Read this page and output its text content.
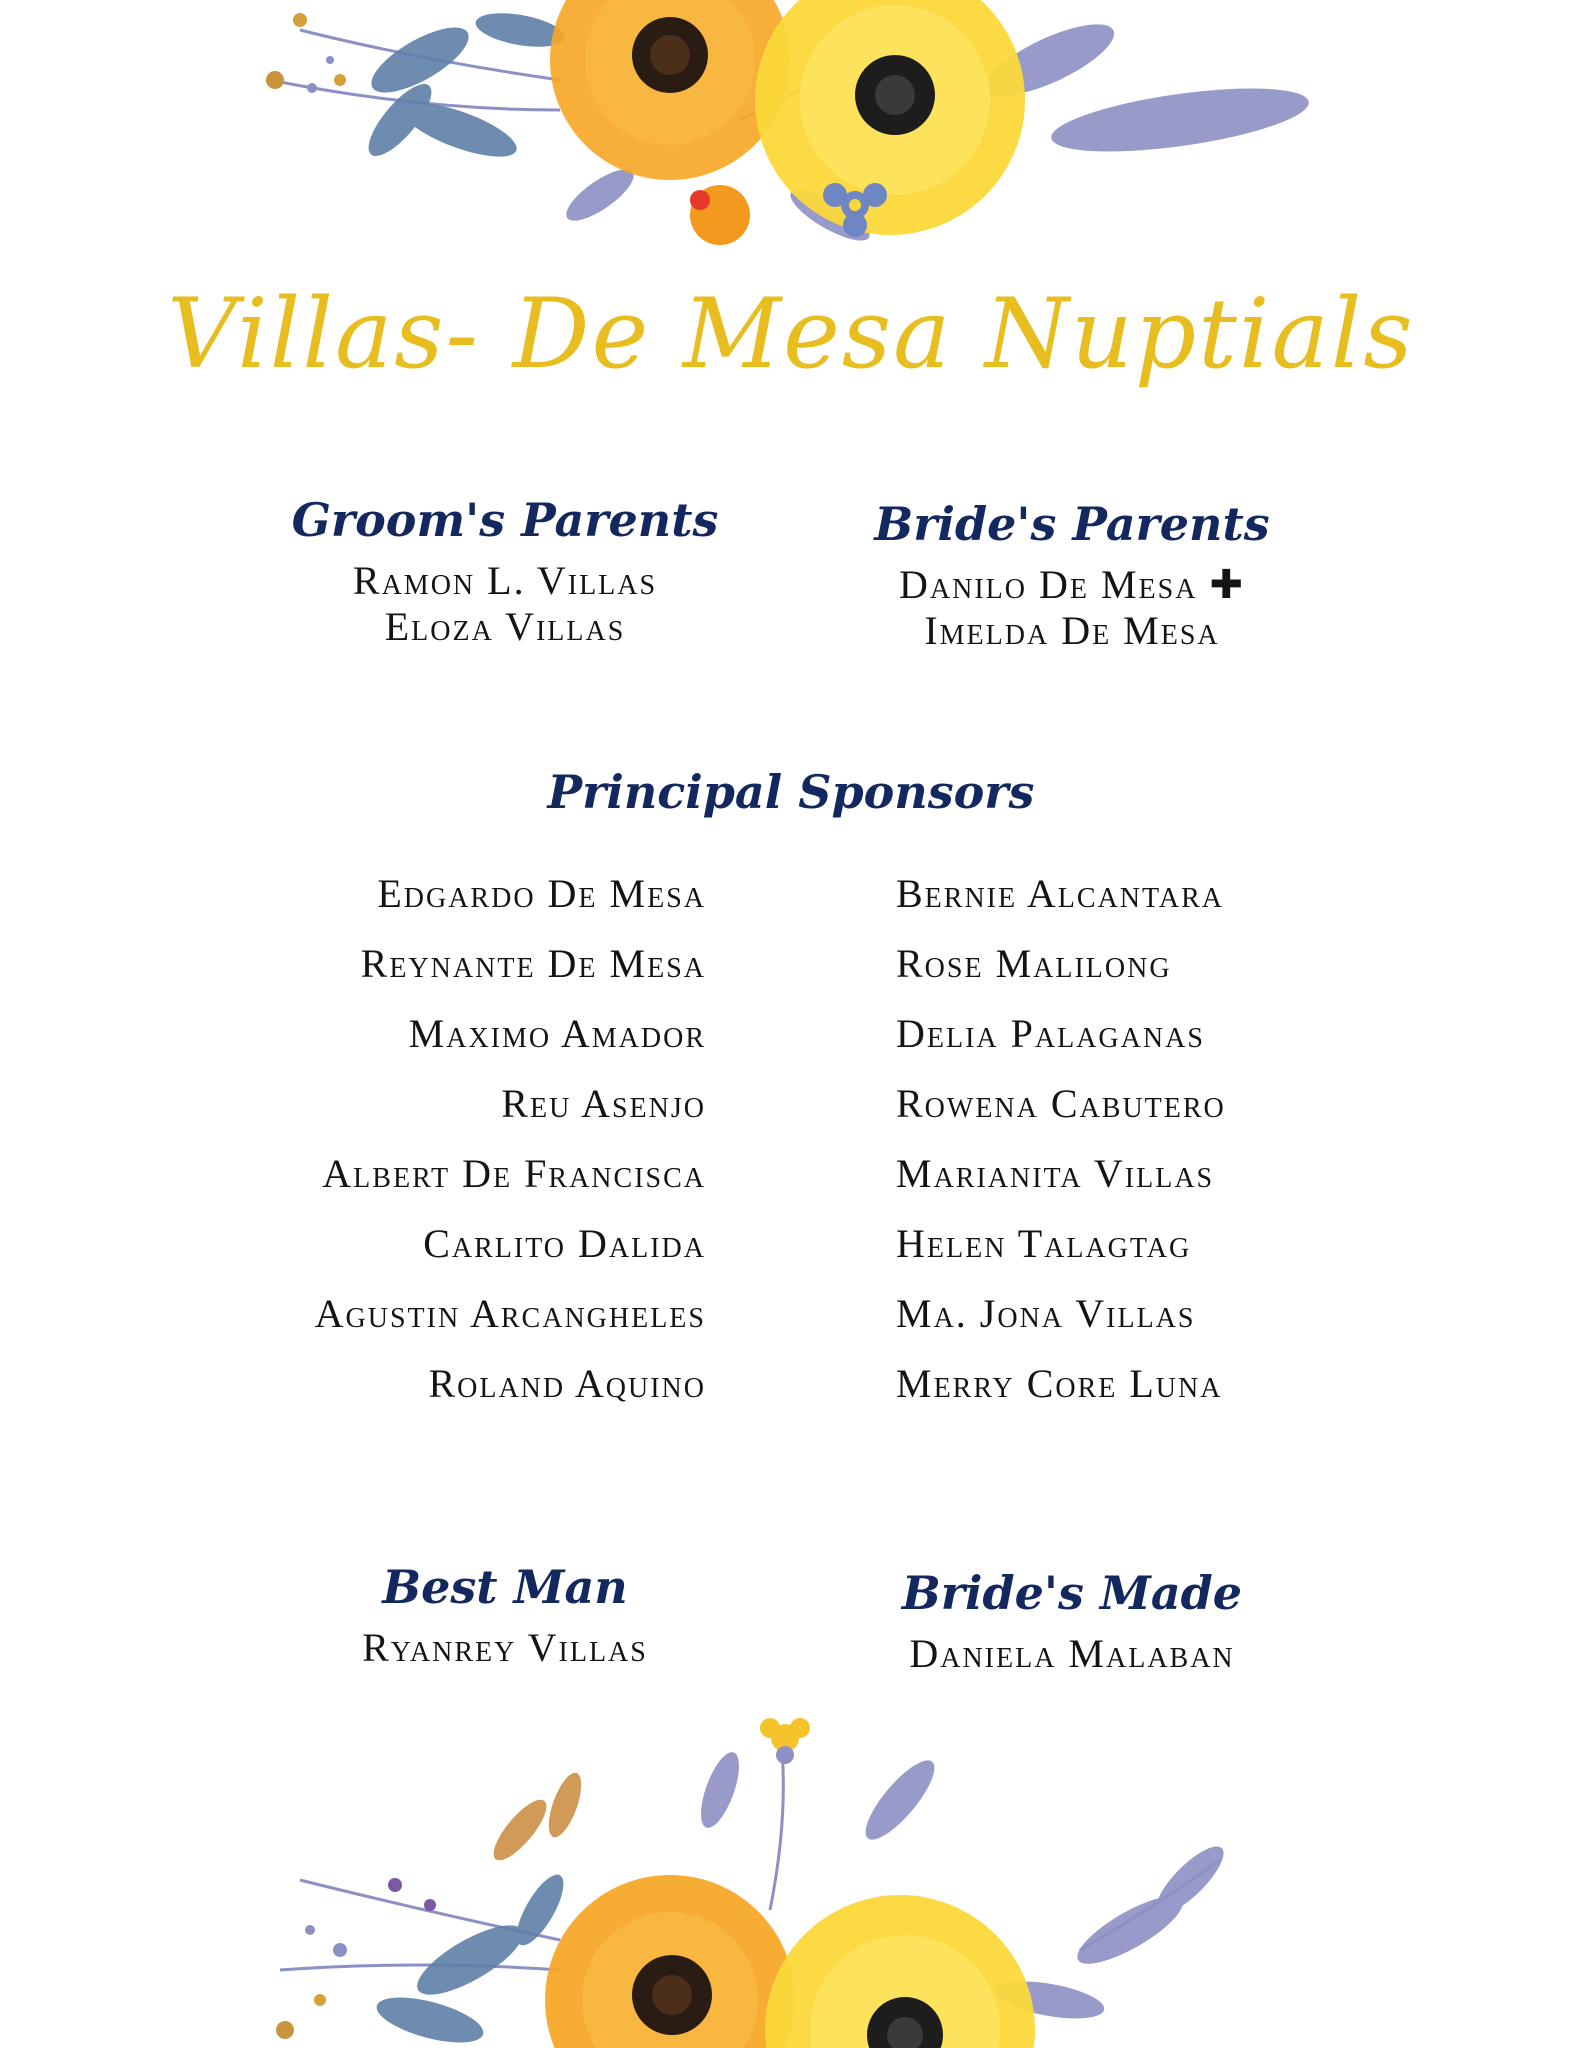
Villas- De Mesa Nuptials
Groom's Parents
Ramon L. Villas
Eloza Villas
Bride's Parents
Danilo De Mesa ✚
Imelda De Mesa
Principal Sponsors
Edgardo De Mesa
Reynante De Mesa
Maximo Amador
Reu Asenjo
Albert De Francisca
Carlito Dalida
Agustin Arcangheles
Roland Aquino
Bernie Alcantara
Rose Malilong
Delia Palaganas
Rowena Cabutero
Marianita Villas
Helen Talagtag
Ma. Jona Villas
Merry Core Luna
Best Man
Ryanrey Villas
Bride's Made
Daniela Malaban
